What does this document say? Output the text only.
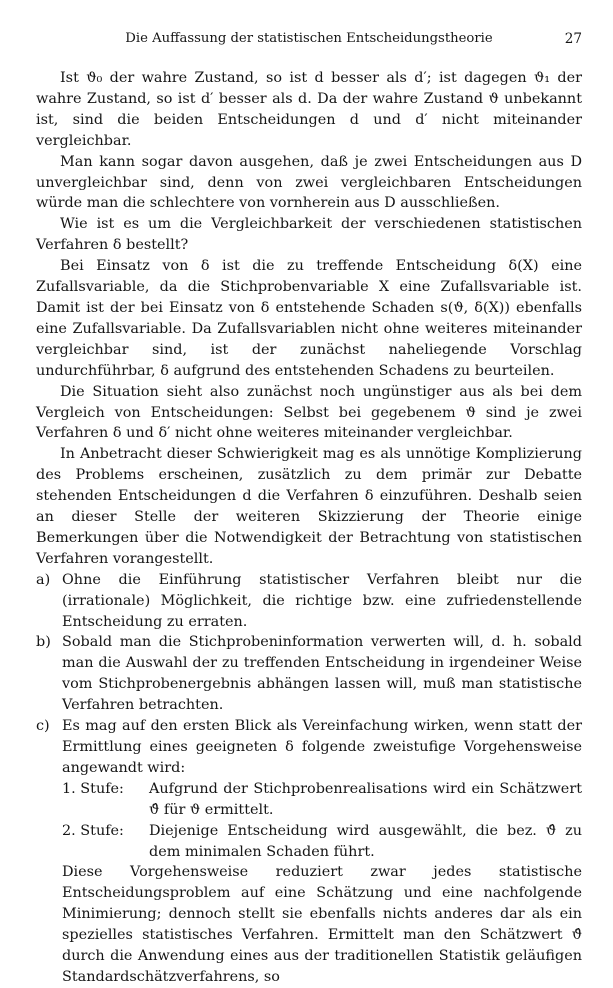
Die Auffassung der statistischen Entscheidungstheorie	27

Ist ϑ₀ der wahre Zustand, so ist d besser als d′; ist dagegen ϑ₁ der wahre Zustand, so ist d′ besser als d. Da der wahre Zustand ϑ unbekannt ist, sind die beiden Entscheidungen d und d′ nicht miteinander vergleichbar.

Man kann sogar davon ausgehen, daß je zwei Entscheidungen aus D unvergleichbar sind, denn von zwei vergleichbaren Entscheidungen würde man die schlechtere von vornherein aus D ausschließen.

Wie ist es um die Vergleichbarkeit der verschiedenen statistischen Verfahren δ bestellt?

Bei Einsatz von δ ist die zu treffende Entscheidung δ(X) eine Zufallsvariable, da die Stichprobenvariable X eine Zufallsvariable ist. Damit ist der bei Einsatz von δ entstehende Schaden s(ϑ, δ(X)) ebenfalls eine Zufallsvariable. Da Zufallsvariablen nicht ohne weiteres miteinander vergleichbar sind, ist der zunächst naheliegende Vorschlag undurchführbar, δ aufgrund des entstehenden Schadens zu beurteilen.

Die Situation sieht also zunächst noch ungünstiger aus als bei dem Vergleich von Entscheidungen: Selbst bei gegebenem ϑ sind je zwei Verfahren δ und δ′ nicht ohne weiteres miteinander vergleichbar.

In Anbetracht dieser Schwierigkeit mag es als unnötige Komplizierung des Problems erscheinen, zusätzlich zu dem primär zur Debatte stehenden Entscheidungen d die Verfahren δ einzuführen. Deshalb seien an dieser Stelle der weiteren Skizzierung der Theorie einige Bemerkungen über die Notwendigkeit der Betrachtung von statistischen Verfahren vorangestellt.

a) Ohne die Einführung statistischer Verfahren bleibt nur die (irrationale) Möglichkeit, die richtige bzw. eine zufriedenstellende Entscheidung zu erraten.
b) Sobald man die Stichprobeninformation verwerten will, d. h. sobald man die Auswahl der zu treffenden Entscheidung in irgendeiner Weise vom Stichprobenergebnis abhängen lassen will, muß man statistische Verfahren betrachten.
c) Es mag auf den ersten Blick als Vereinfachung wirken, wenn statt der Ermittlung eines geeigneten δ folgende zweistufige Vorgehensweise angewandt wird:
1. Stufe: Aufgrund der Stichprobenrealisations wird ein Schätzwert ϑ̂ für ϑ ermittelt.
2. Stufe: Diejenige Entscheidung wird ausgewählt, die bez. ϑ̂ zu dem minimalen Schaden führt.

Diese Vorgehensweise reduziert zwar jedes statistische Entscheidungsproblem auf eine Schätzung und eine nachfolgende Minimierung; dennoch stellt sie ebenfalls nichts anderes dar als ein spezielles statistisches Verfahren. Ermittelt man den Schätzwert ϑ̂ durch die Anwendung eines aus der traditionellen Statistik geläufigen Standardschätzverfahrens, so
